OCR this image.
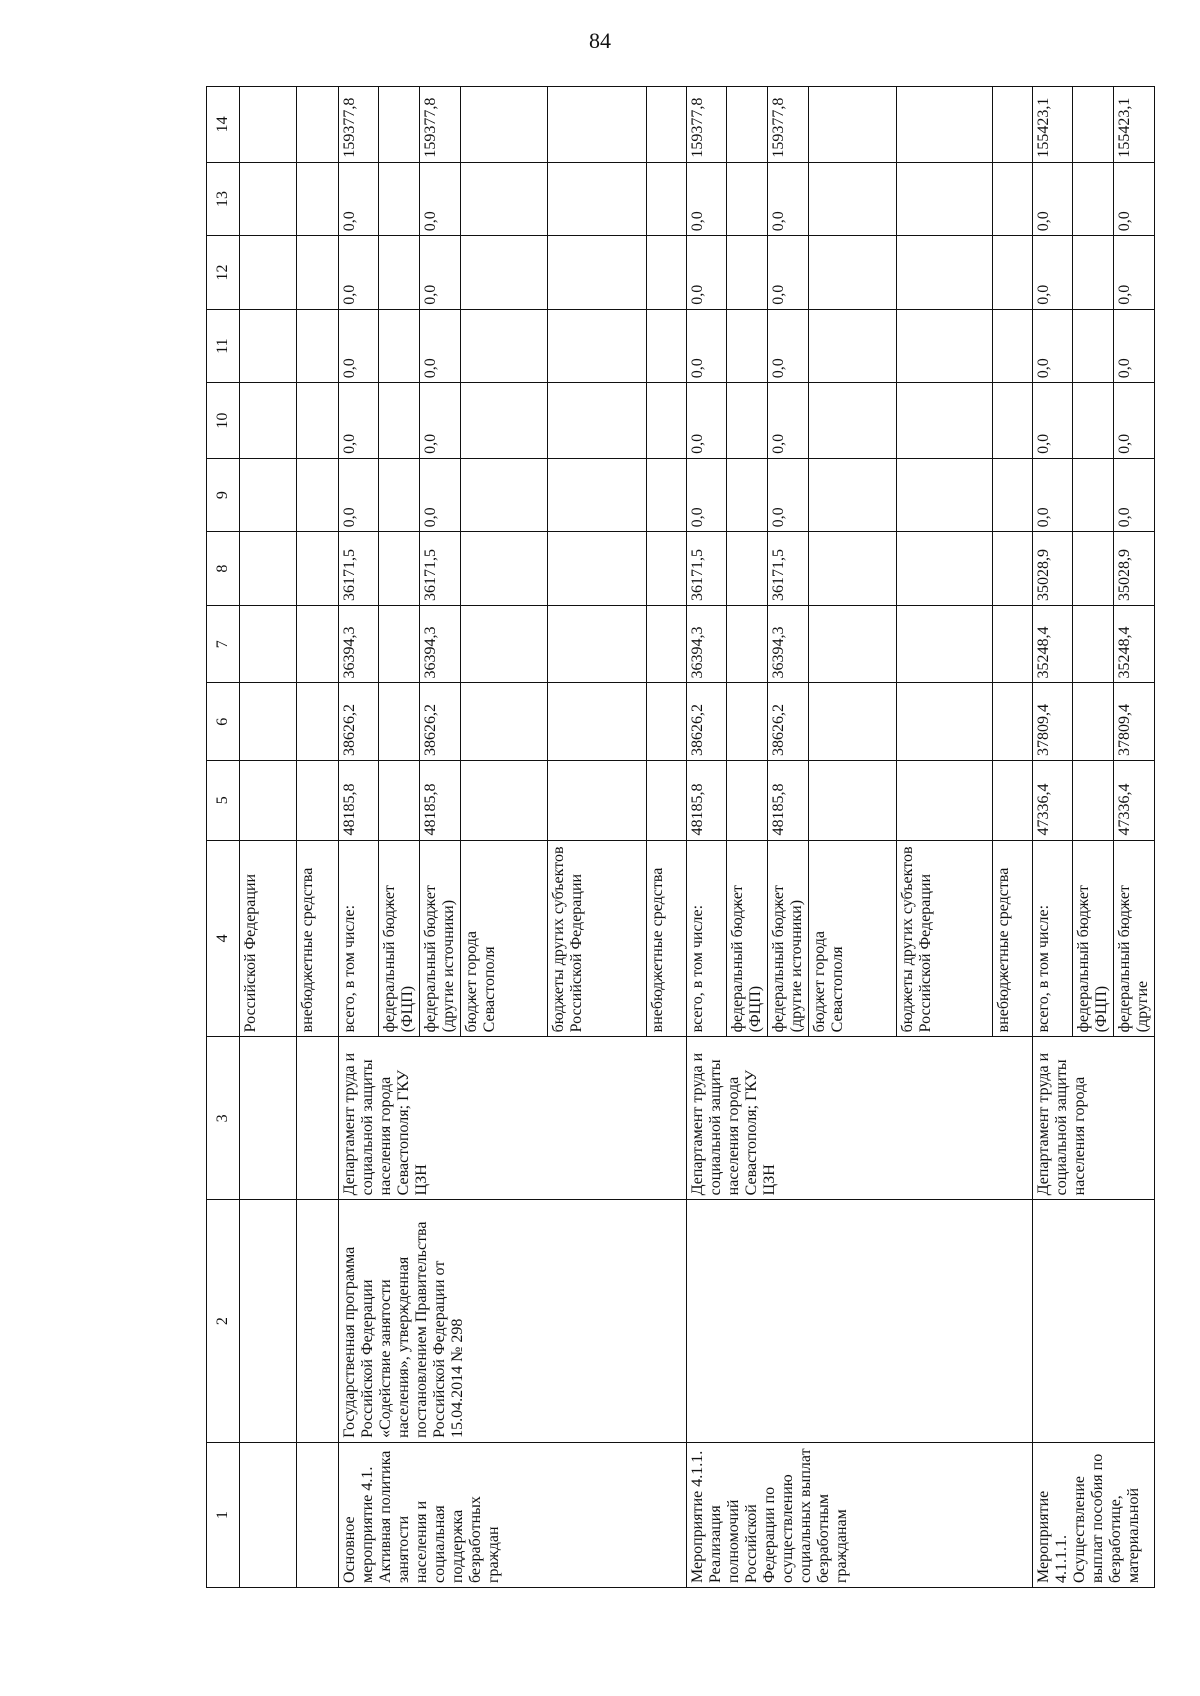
84
1	2	3	4	5	6	7	8	9	10	11	12	13	14
			Российской Федерации										
			внебюджетные средства										
Основное мероприятие 4.1. Активная политика занятости населения и социальная поддержка безработных граждан	Государственная программа Российской Федерации «Содействие занятости населения», утвержденная постановлением Правительства Российской Федерации от 15.04.2014 № 298	Департамент труда и социальной защиты населения города Севастополя; ГКУ ЦЗН	всего, в том числе:	48185,8	38626,2	36394,3	36171,5	0,0	0,0	0,0	0,0	0,0	159377,8
			федеральный бюджет (ФЦП)										
			федеральный бюджет (другие источники)	48185,8	38626,2	36394,3	36171,5	0,0	0,0	0,0	0,0	0,0	159377,8
			бюджет города Севастополя										
			бюджеты других субъектов Российской Федерации										
			внебюджетные средства										
Мероприятие 4.1.1. Реализация полномочий Российской Федерации по осуществлению социальных выплат безработным гражданам		Департамент труда и социальной защиты населения города Севастополя; ГКУ ЦЗН	всего, в том числе:	48185,8	38626,2	36394,3	36171,5	0,0	0,0	0,0	0,0	0,0	159377,8
			федеральный бюджет (ФЦП)										
			федеральный бюджет (другие источники)	48185,8	38626,2	36394,3	36171,5	0,0	0,0	0,0	0,0	0,0	159377,8
			бюджет города Севастополя										
			бюджеты других субъектов Российской Федерации										
			внебюджетные средства										
Мероприятие 4.1.1.1. Осуществление выплат пособия по безработице, материальной		Департамент труда и социальной защиты населения города	всего, в том числе:	47336,4	37809,4	35248,4	35028,9	0,0	0,0	0,0	0,0	0,0	155423,1
			федеральный бюджет (ФЦП)										
			федеральный бюджет (другие	47336,4	37809,4	35248,4	35028,9	0,0	0,0	0,0	0,0	0,0	155423,1
